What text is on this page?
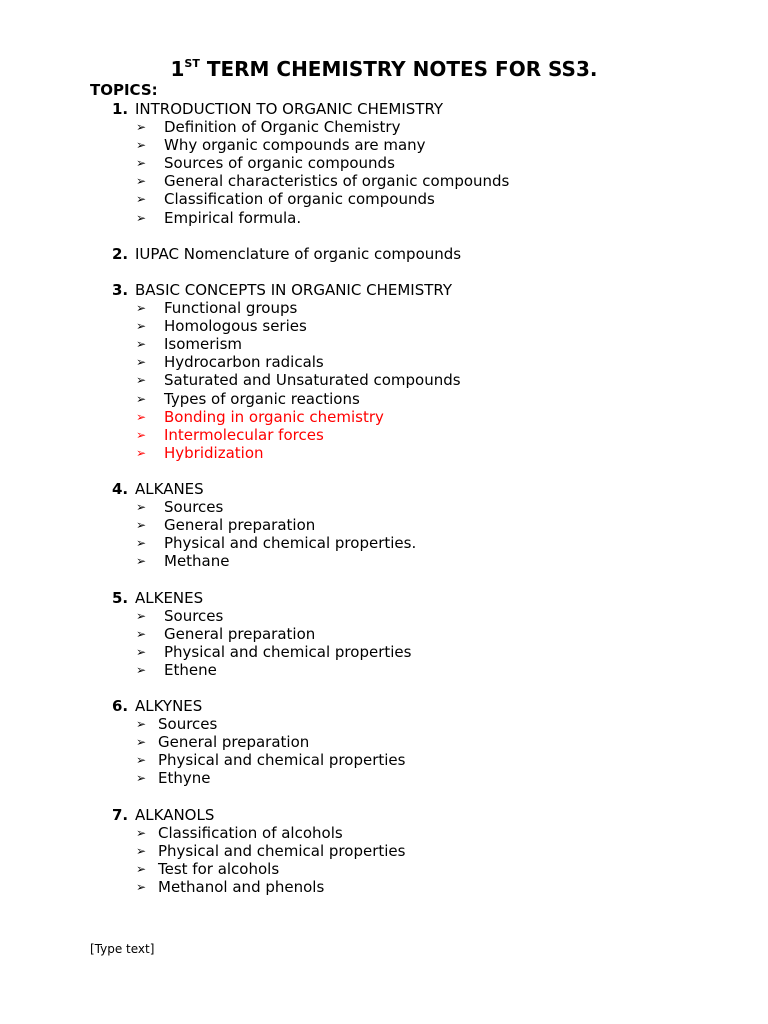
1ST TERM CHEMISTRY NOTES FOR SS3.
TOPICS:
1. INTRODUCTION TO ORGANIC CHEMISTRY
➢ Definition of Organic Chemistry
➢ Why organic compounds are many
➢ Sources of organic compounds
➢ General characteristics of organic compounds
➢ Classification of organic compounds
➢ Empirical formula.
2. IUPAC Nomenclature of organic compounds
3. BASIC CONCEPTS IN ORGANIC CHEMISTRY
➢ Functional groups
➢ Homologous series
➢ Isomerism
➢ Hydrocarbon radicals
➢ Saturated and Unsaturated compounds
➢ Types of organic reactions
➢ Bonding in organic chemistry
➢ Intermolecular forces
➢ Hybridization
4. ALKANES
➢ Sources
➢ General preparation
➢ Physical and chemical properties.
➢ Methane
5. ALKENES
➢ Sources
➢ General preparation
➢ Physical and chemical properties
➢ Ethene
6. ALKYNES
➢ Sources
➢ General preparation
➢ Physical and chemical properties
➢ Ethyne
7. ALKANOLS
➢ Classification of alcohols
➢ Physical and chemical properties
➢ Test for alcohols
➢ Methanol and phenols
[Type text]
